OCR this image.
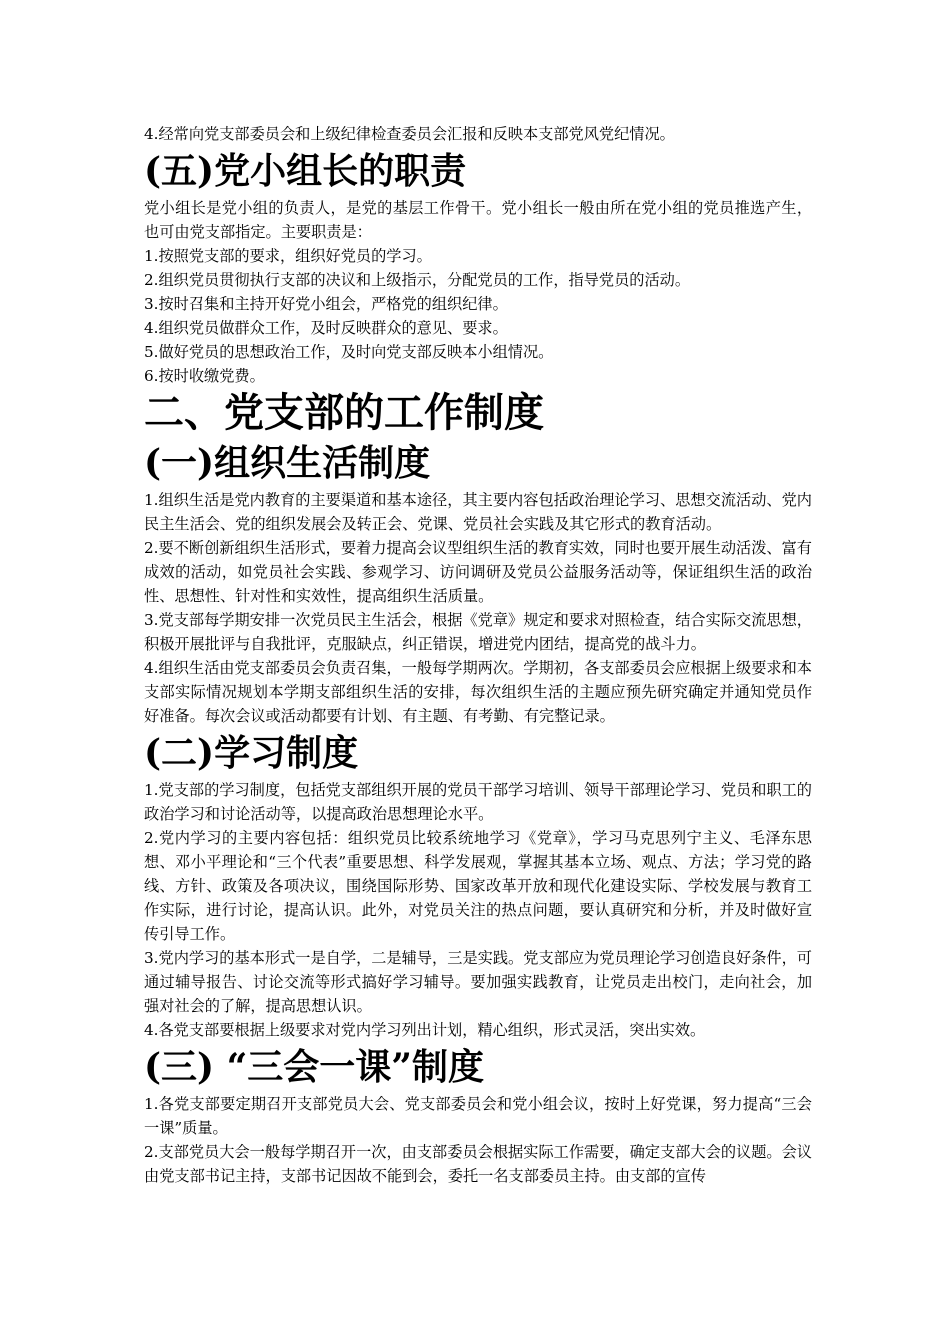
4.经常向党支部委员会和上级纪律检查委员会汇报和反映本支部党风党纪情况。

(五)党小组长的职责

党小组长是党小组的负责人，是党的基层工作骨干。党小组长一般由所在党小组的党员推选产生，也可由党支部指定。主要职责是：

1.按照党支部的要求，组织好党员的学习。

2.组织党员贯彻执行支部的决议和上级指示，分配党员的工作，指导党员的活动。

3.按时召集和主持开好党小组会，严格党的组织纪律。

4.组织党员做群众工作，及时反映群众的意见、要求。

5.做好党员的思想政治工作，及时向党支部反映本小组情况。

6.按时收缴党费。

二、党支部的工作制度
(一)组织生活制度

1.组织生活是党内教育的主要渠道和基本途径，其主要内容包括政治理论学习、思想交流活动、党内民主生活会、党的组织发展会及转正会、党课、党员社会实践及其它形式的教育活动。

2.要不断创新组织生活形式，要着力提高会议型组织生活的教育实效，同时也要开展生动活泼、富有成效的活动，如党员社会实践、参观学习、访问调研及党员公益服务活动等，保证组织生活的政治性、思想性、针对性和实效性，提高组织生活质量。

3.党支部每学期安排一次党员民主生活会，根据《党章》规定和要求对照检查，结合实际交流思想，积极开展批评与自我批评，克服缺点，纠正错误，增进党内团结，提高党的战斗力。

4.组织生活由党支部委员会负责召集，一般每学期两次。学期初，各支部委员会应根据上级要求和本支部实际情况规划本学期支部组织生活的安排，每次组织生活的主题应预先研究确定并通知党员作好准备。每次会议或活动都要有计划、有主题、有考勤、有完整记录。

(二)学习制度

1.党支部的学习制度，包括党支部组织开展的党员干部学习培训、领导干部理论学习、党员和职工的政治学习和讨论活动等，以提高政治思想理论水平。

2.党内学习的主要内容包括：组织党员比较系统地学习《党章》，学习马克思列宁主义、毛泽东思想、邓小平理论和“三个代表”重要思想、科学发展观，掌握其基本立场、观点、方法；学习党的路线、方针、政策及各项决议，围绕国际形势、国家改革开放和现代化建设实际、学校发展与教育工作实际，进行讨论，提高认识。此外，对党员关注的热点问题，要认真研究和分析，并及时做好宣传引导工作。

3.党内学习的基本形式一是自学，二是辅导，三是实践。党支部应为党员理论学习创造良好条件，可通过辅导报告、讨论交流等形式搞好学习辅导。要加强实践教育，让党员走出校门，走向社会，加强对社会的了解，提高思想认识。

4.各党支部要根据上级要求对党内学习列出计划，精心组织，形式灵活，突出实效。

(三) “三会一课”制度

1.各党支部要定期召开支部党员大会、党支部委员会和党小组会议，按时上好党课，努力提高“三会一课”质量。

2.支部党员大会一般每学期召开一次，由支部委员会根据实际工作需要，确定支部大会的议题。会议由党支部书记主持，支部书记因故不能到会，委托一名支部委员主持。由支部的宣传
